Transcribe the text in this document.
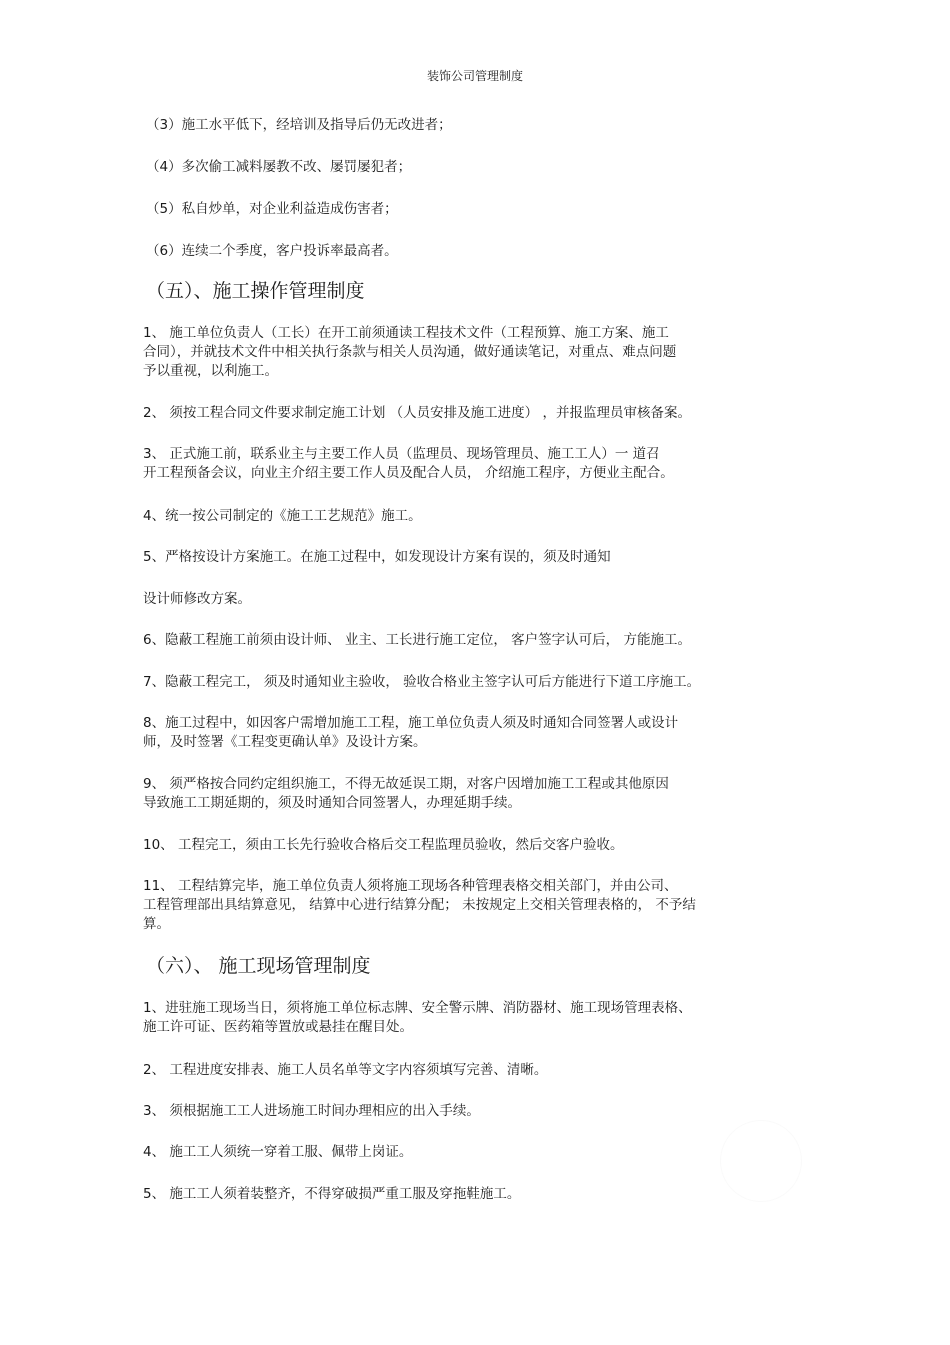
装饰公司管理制度
（3）施工水平低下，经培训及指导后仍无改进者；
（4）多次偷工减料屡教不改、屡罚屡犯者；
（5）私自炒单，对企业利益造成伤害者；
（6）连续二个季度，客户投诉率最高者。
（五）、施工操作管理制度
1、 施工单位负责人（工长）在开工前须通读工程技术文件（工程预算、施工方案、施工
合同），并就技术文件中相关执行条款与相关人员沟通，做好通读笔记，对重点、难点问题
予以重视，以利施工。
2、 须按工程合同文件要求制定施工计划 （人员安排及施工进度） ，并报监理员审核备案。
3、 正式施工前，联系业主与主要工作人员（监理员、现场管理员、施工工人）一 道召
开工程预备会议，向业主介绍主要工作人员及配合人员， 介绍施工程序，方便业主配合。
4、统一按公司制定的《施工工艺规范》施工。
5、严格按设计方案施工。在施工过程中，如发现设计方案有误的，须及时通知
设计师修改方案。
6、隐蔽工程施工前须由设计师、 业主、工长进行施工定位， 客户签字认可后， 方能施工。
7、隐蔽工程完工， 须及时通知业主验收， 验收合格业主签字认可后方能进行下道工序施工。
8、施工过程中，如因客户需增加施工工程，施工单位负责人须及时通知合同签署人或设计
师，及时签署《工程变更确认单》及设计方案。
9、 须严格按合同约定组织施工，不得无故延误工期，对客户因增加施工工程或其他原因
导致施工工期延期的，须及时通知合同签署人，办理延期手续。
10、 工程完工，须由工长先行验收合格后交工程监理员验收，然后交客户验收。
11、 工程结算完毕，施工单位负责人须将施工现场各种管理表格交相关部门，并由公司、
工程管理部出具结算意见， 结算中心进行结算分配； 未按规定上交相关管理表格的， 不予结
算。
（六）、 施工现场管理制度
1、进驻施工现场当日，须将施工单位标志牌、安全警示牌、消防器材、施工现场管理表格、
施工许可证、医药箱等置放或悬挂在醒目处。
2、 工程进度安排表、施工人员名单等文字内容须填写完善、清晰。
3、 须根据施工工人进场施工时间办理相应的出入手续。
4、 施工工人须统一穿着工服、佩带上岗证。
5、 施工工人须着装整齐，不得穿破损严重工服及穿拖鞋施工。
